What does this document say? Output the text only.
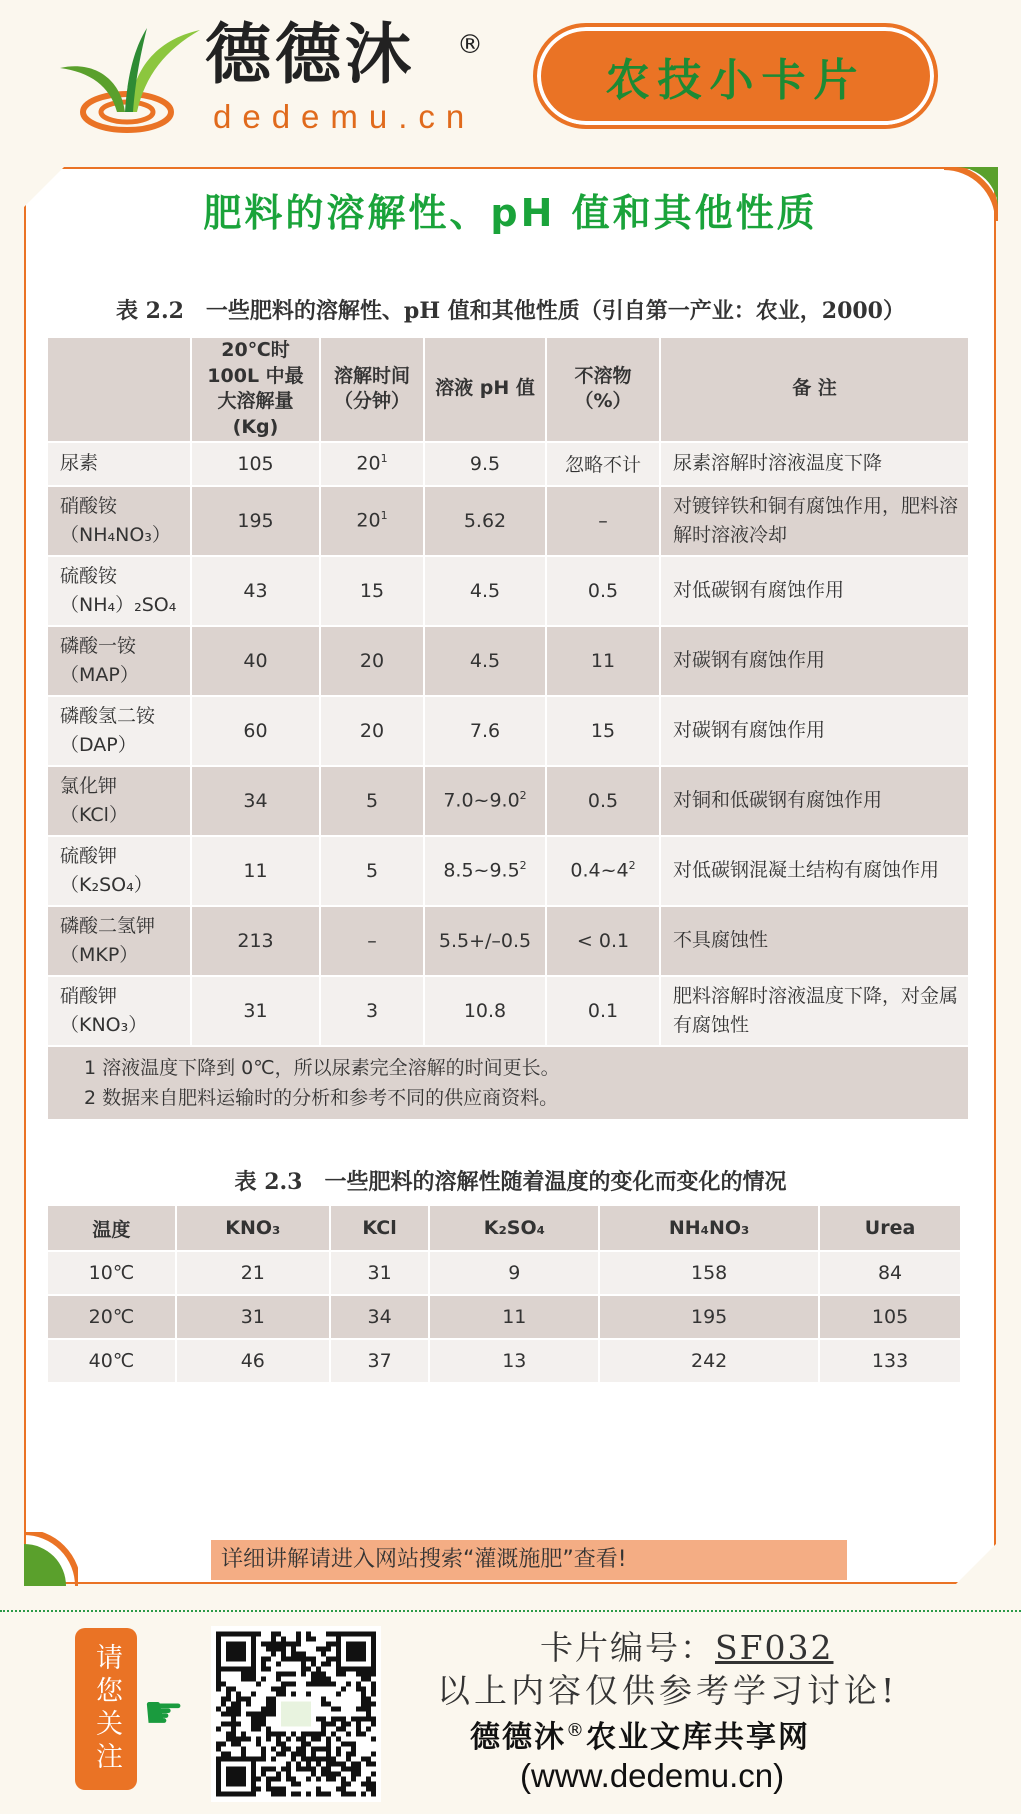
德德沐 ®
dedemu.cn
农技小卡片
肥料的溶解性、pH 值和其他性质
表 2.2　一些肥料的溶解性、pH 值和其他性质（引自第一产业：农业，2000）
	20℃时 100L 中最大溶解量(Kg)	溶解时间（分钟）	溶液 pH 值	不溶物（%）	备 注

尿素	105	$20^1$	9.5	忽略不计	尿素溶解时溶液温度下降

硝酸铵
（NH₄NO₃）	195	$20^1$	5.62	–	对镀锌铁和铜有腐蚀作用，肥料溶解时溶液冷却

硫酸铵
（NH₄）₂SO₄	43	15	4.5	0.5	对低碳钢有腐蚀作用

磷酸一铵
（MAP）	40	20	4.5	11	对碳钢有腐蚀作用

磷酸氢二铵
（DAP）	60	20	7.6	15	对碳钢有腐蚀作用

氯化钾
（KCl）	34	5	$7.0\sim 9.0^2$	0.5	对铜和低碳钢有腐蚀作用

硫酸钾
（K₂SO₄）	11	5	$8.5\sim 9.5^2$	$0.4\sim 4^2$	对低碳钢混凝土结构有腐蚀作用

磷酸二氢钾
（MKP）	213	–	5.5+/–0.5	< 0.1	不具腐蚀性

硝酸钾
（KNO₃）	31	3	10.8	0.1	肥料溶解时溶液温度下降，对金属有腐蚀性

1 溶液温度下降到 0℃，所以尿素完全溶解的时间更长。
2 数据来自肥料运输时的分析和参考不同的供应商资料。					
表 2.3　一些肥料的溶解性随着温度的变化而变化的情况
温度	KNO₃	KCl	K₂SO₄	NH₄NO₃	Urea
10℃	21	31	9	158	84
20℃	31	34	11	195	105
40℃	46	37	13	242	133
详细讲解请进入网站搜索“灌溉施肥”查看!
请您关注 ☛
卡片编号：SF032
以上内容仅供参考学习讨论!
德德沐®农业文库共享网
(www.dedemu.cn)
